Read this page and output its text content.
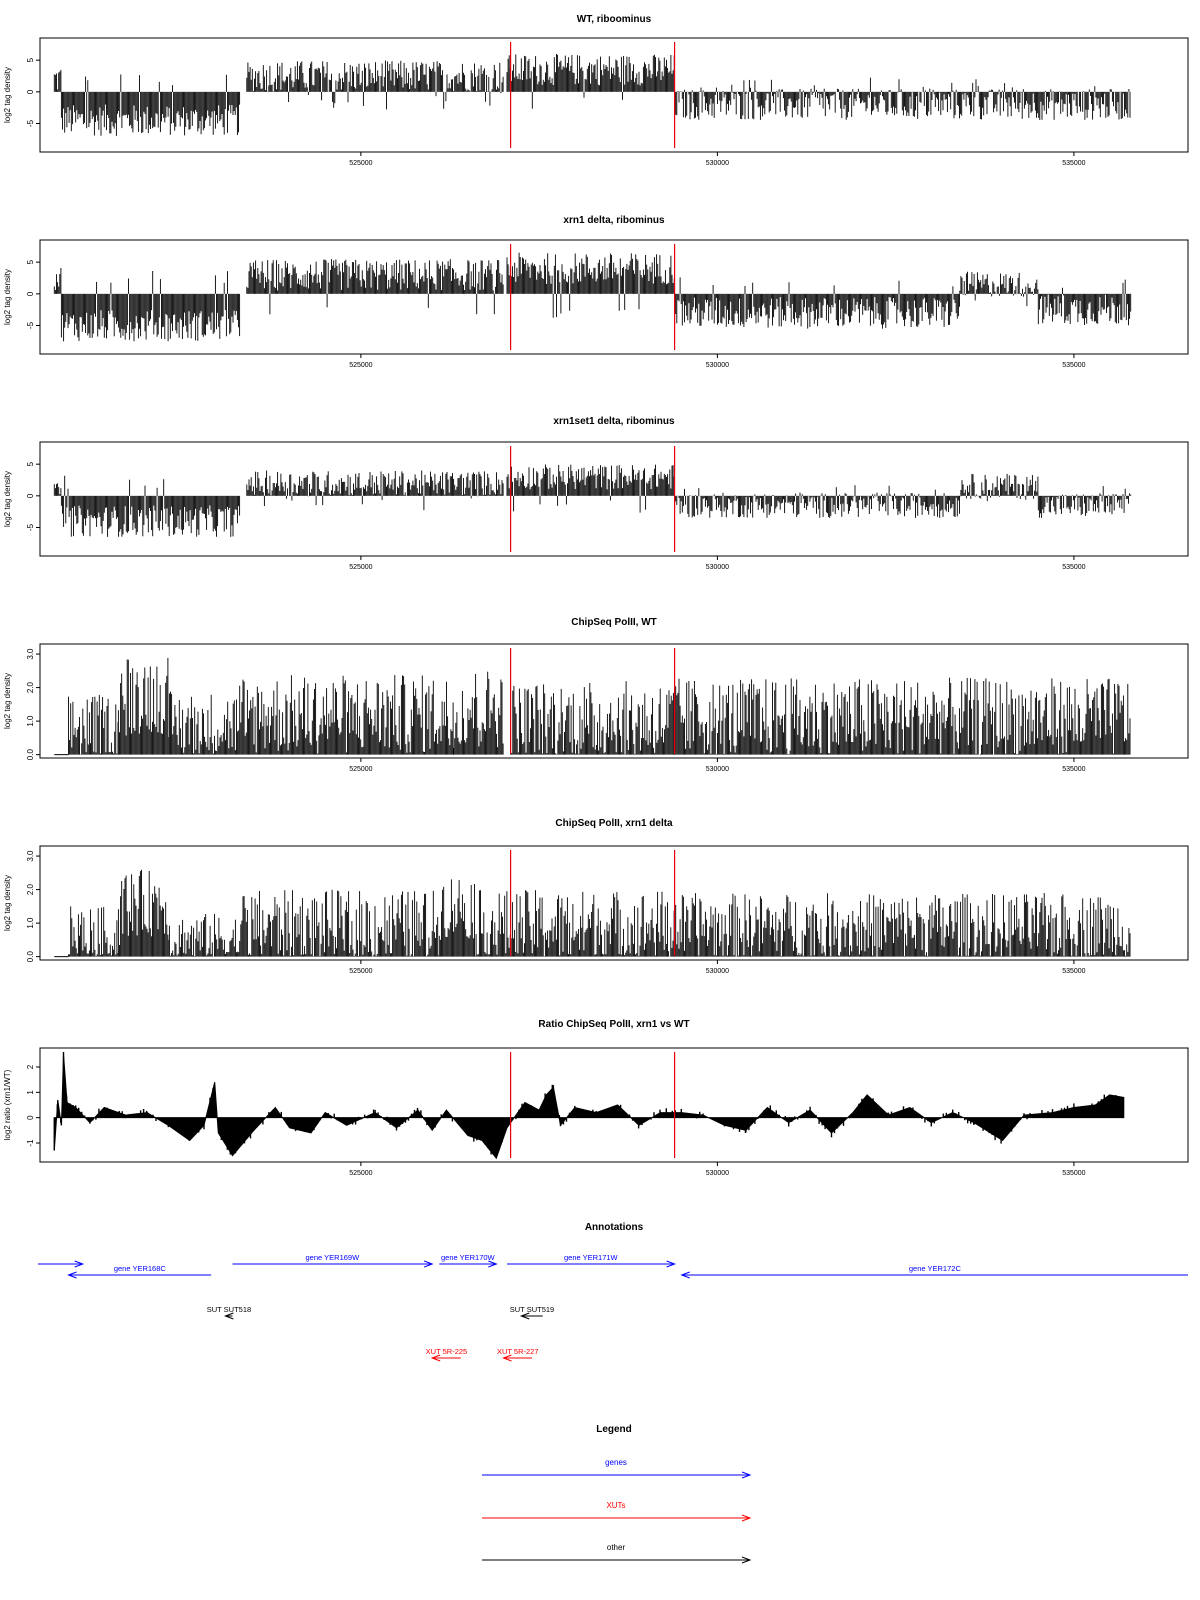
WT, riboominus
log2 tag density
525000	530000	535000
-5
0
5
xrn1 delta, ribominus
log2 tag density
525000	530000	535000
-5
0
5
xrn1set1 delta, ribominus
log2 tag density
525000	530000	535000
-5
0
5
ChipSeq PolII, WT
log2 tag density
525000	530000	535000
0.0
1.0
2.0
3.0
ChipSeq PolII, xrn1 delta
log2 tag density
525000	530000	535000
0.0
1.0
2.0
3.0
Ratio ChipSeq PolII, xrn1 vs WT
log2 ratio (xrn1/WT)
525000	530000	535000
-1
0
1
2
Annotations
gene YER168C
gene YER169W	gene YER170W	gene YER171W
gene YER172C
SUT SUT518	SUT SUT519
XUT 5R-225	XUT 5R-227
Legend
genes
XUTs
other
